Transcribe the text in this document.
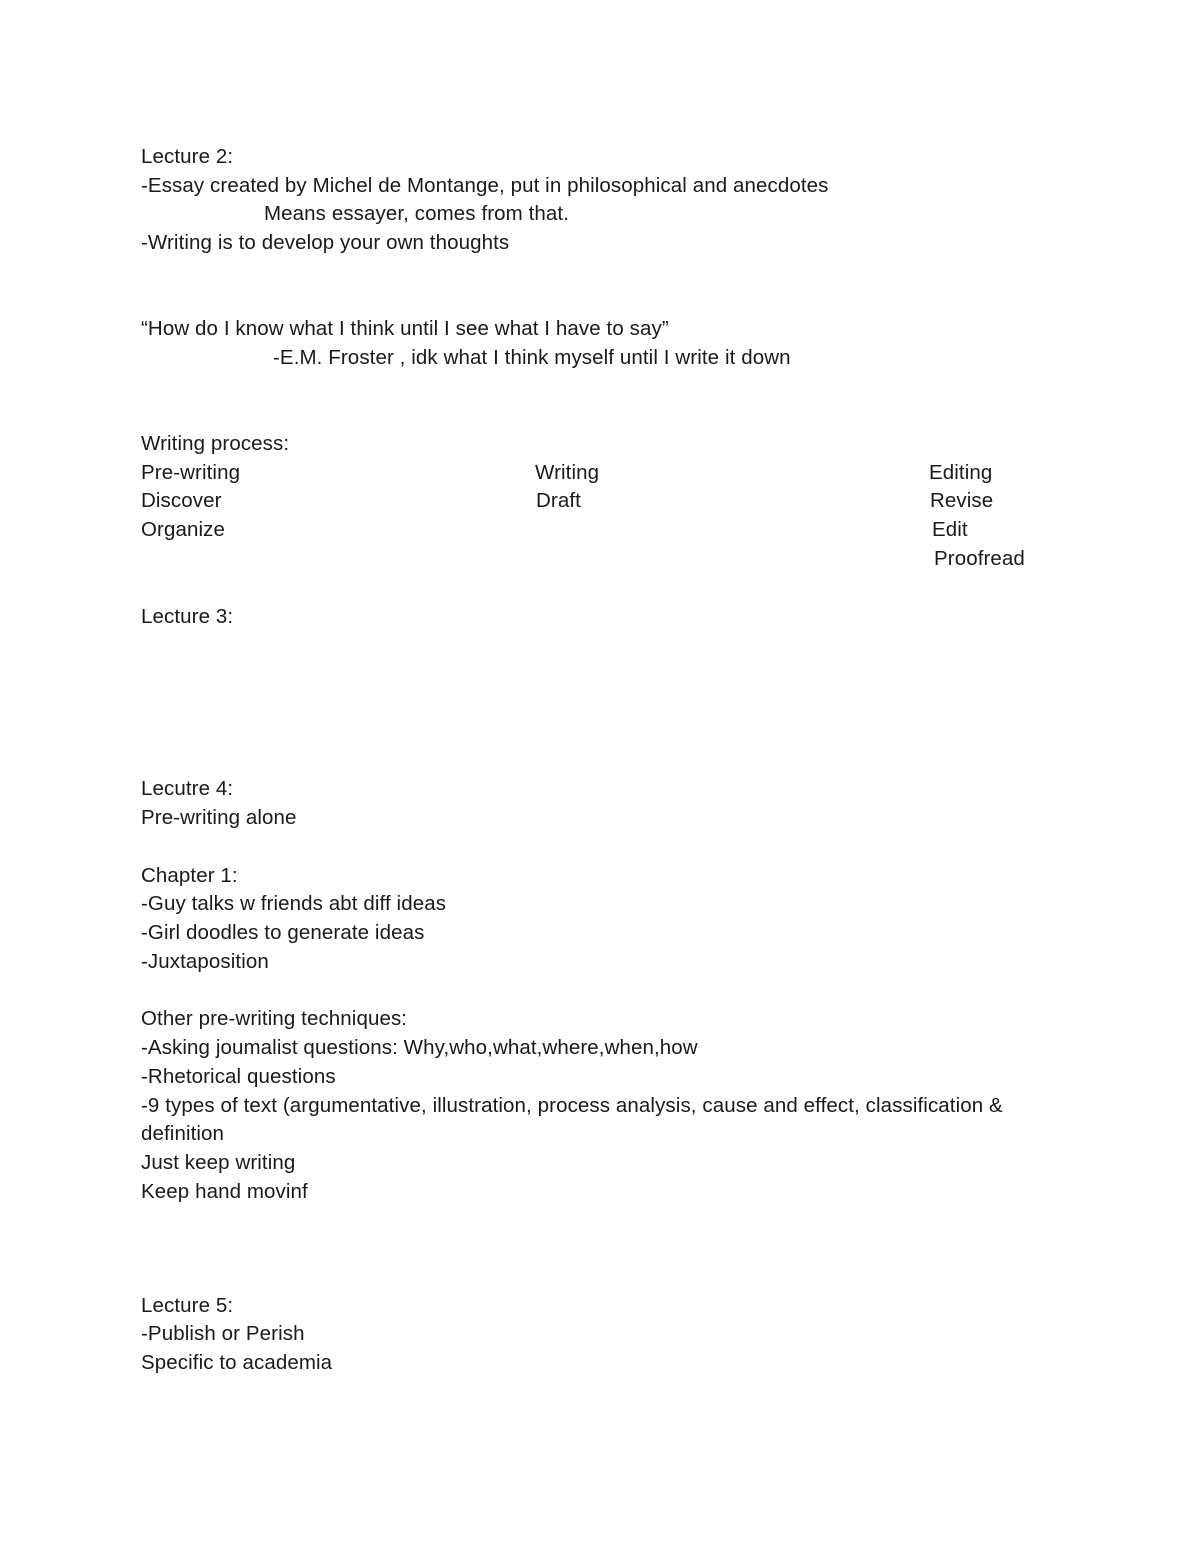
Lecture 2:
-Essay created by Michel de Montange, put in philosophical and anecdotes
Means essayer, comes from that.
-Writing is to develop your own thoughts
“How do I know what I think until I see what I have to say”
-E.M. Froster , idk what I think myself until I write it down
Writing process:
Pre-writing
Discover
Organize
Writing
Draft
Editing
Revise
Edit
Proofread
Lecture 3:
Lecutre 4:
Pre-writing alone
Chapter 1:
-Guy talks w friends abt diff ideas
-Girl doodles to generate ideas
-Juxtaposition
Other pre-writing techniques:
-Asking joumalist questions: Why,who,what,where,when,how
-Rhetorical questions
-9 types of text (argumentative, illustration, process analysis, cause and effect, classification &
definition
Just keep writing
Keep hand movinf
Lecture 5:
-Publish or Perish
Specific to academia
